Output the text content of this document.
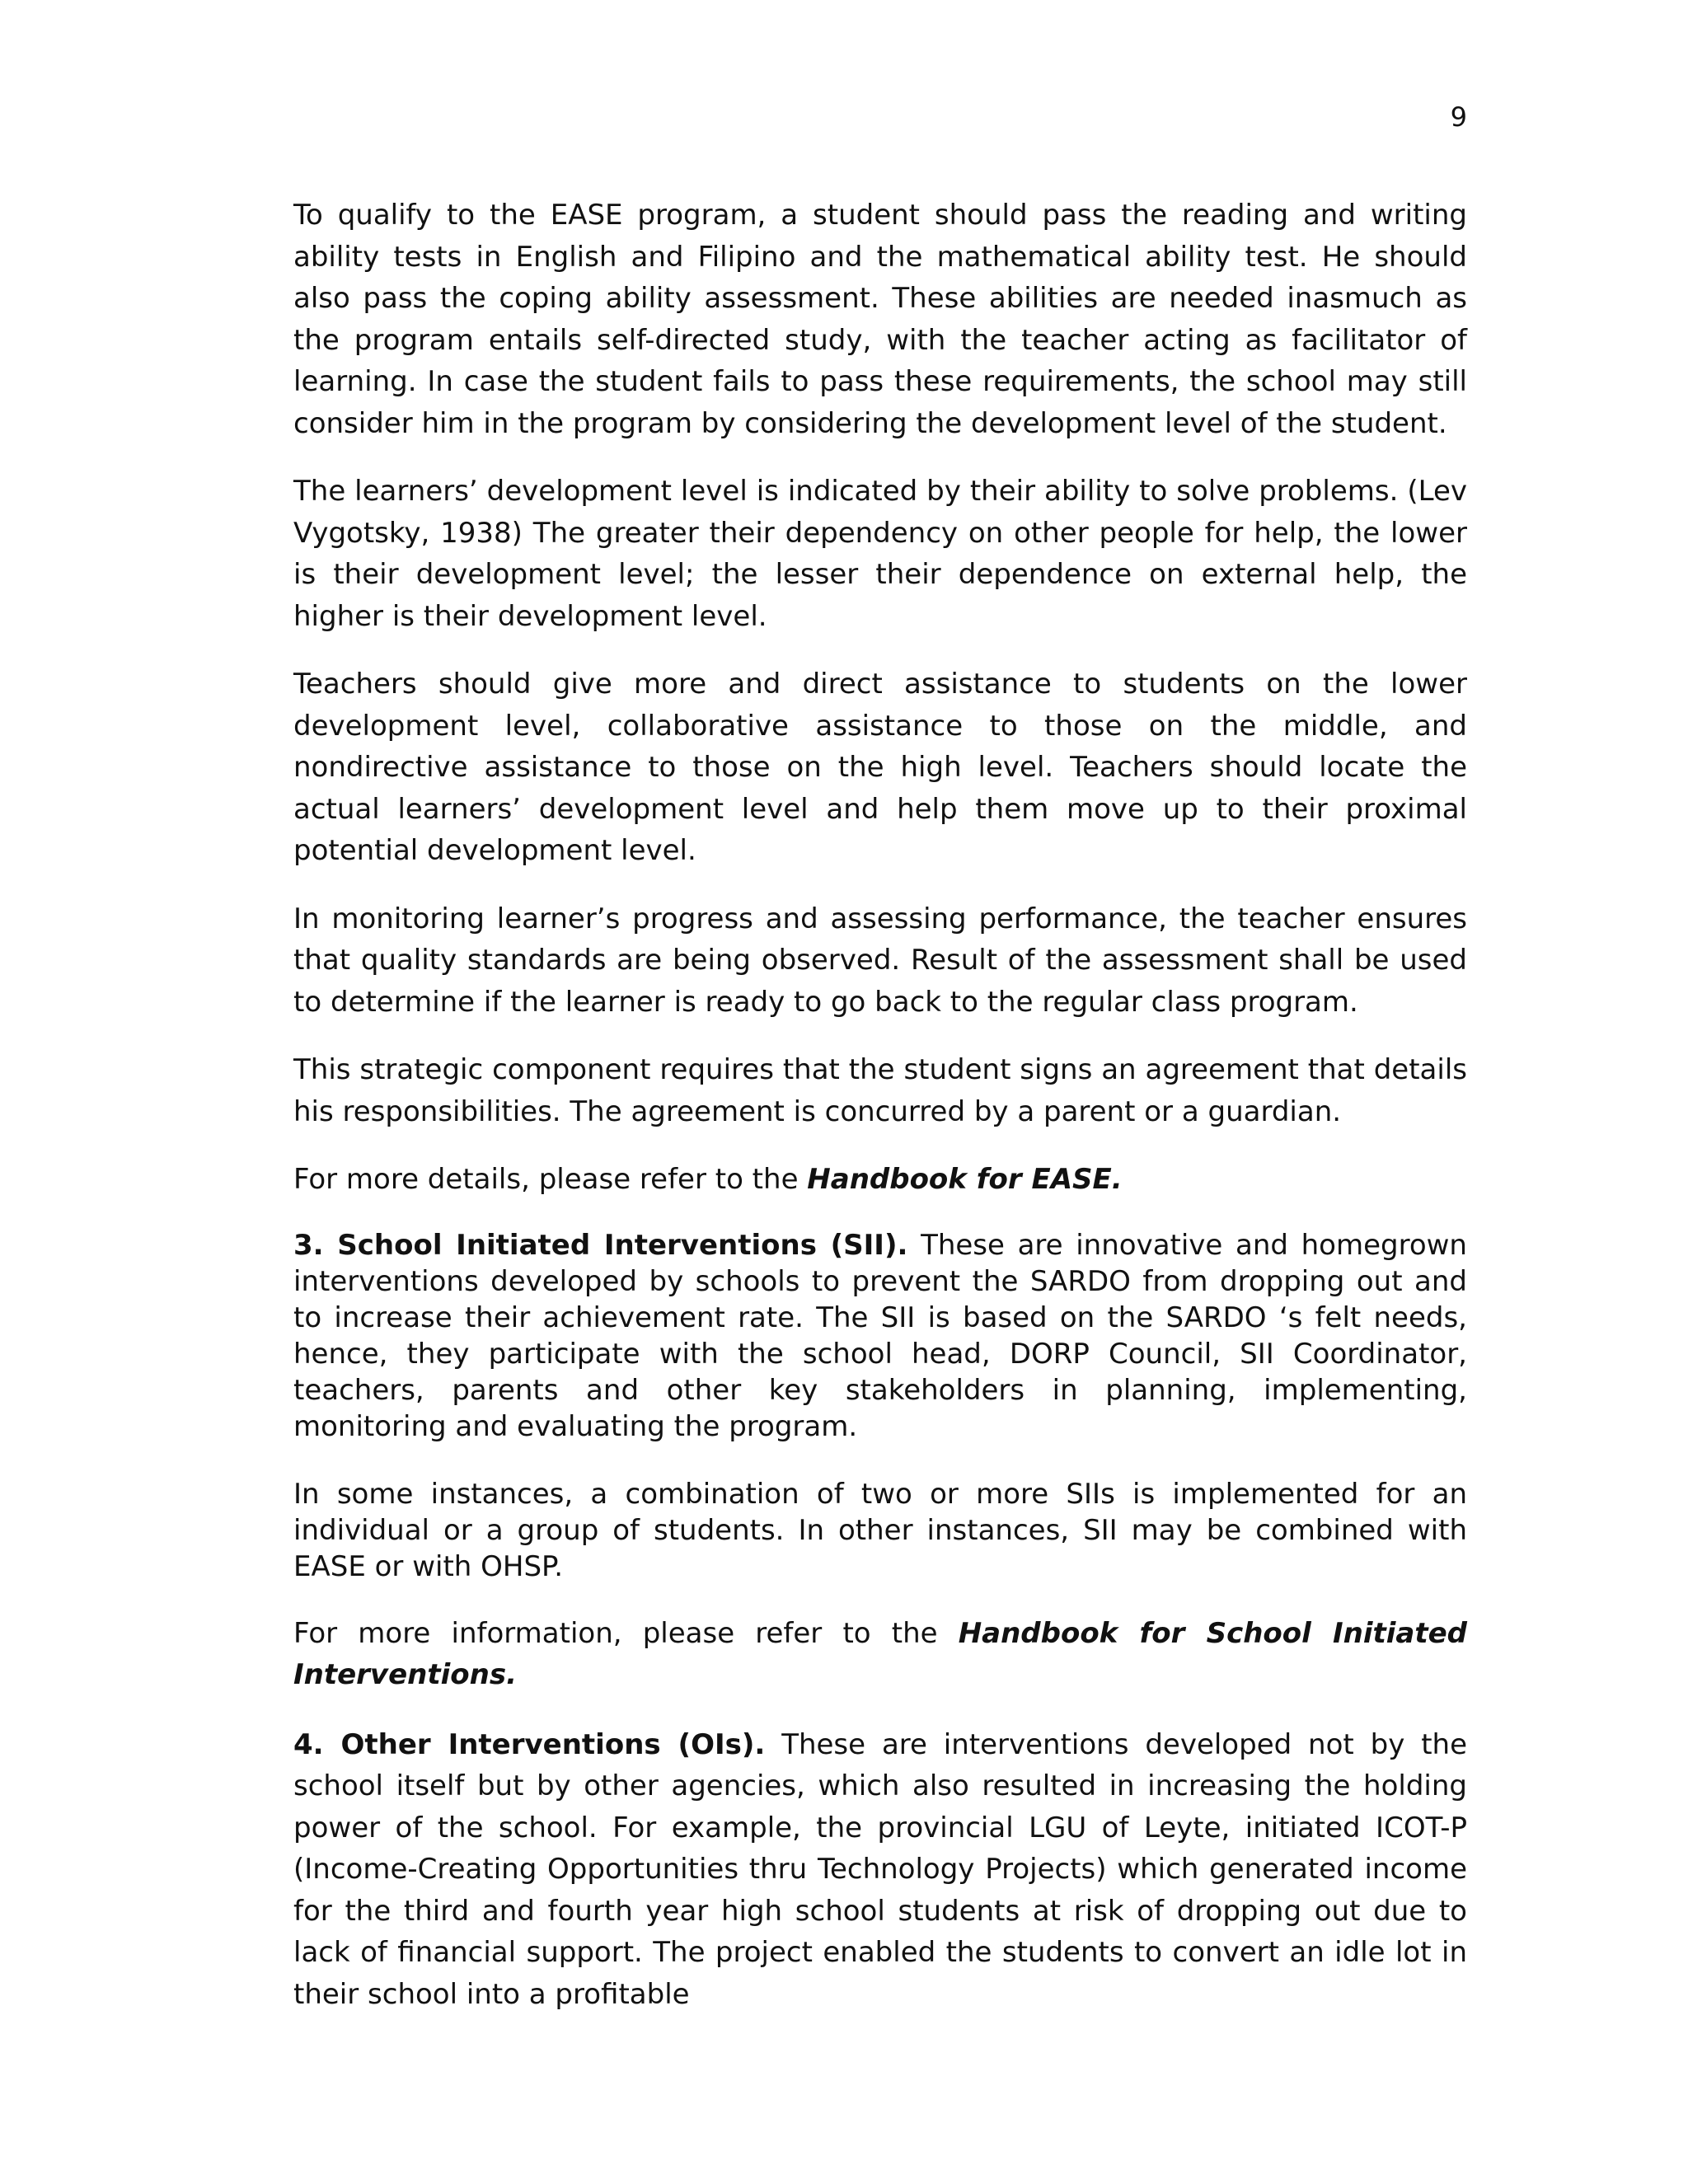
9

To qualify to the EASE program, a student should pass the reading and writing ability tests in English and Filipino and the mathematical ability test. He should also pass the coping ability assessment. These abilities are needed inasmuch as the program entails self-directed study, with the teacher acting as facilitator of learning. In case the student fails to pass these requirements, the school may still consider him in the program by considering the development level of the student.

The learners’ development level is indicated by their ability to solve problems. (Lev Vygotsky, 1938) The greater their dependency on other people for help, the lower is their development level; the lesser their dependence on external help, the higher is their development level.

Teachers should give more and direct assistance to students on the lower development level, collaborative assistance to those on the middle, and nondirective assistance to those on the high level. Teachers should locate the actual learners’ development level and help them move up to their proximal potential development level.

In monitoring learner’s progress and assessing performance, the teacher ensures that quality standards are being observed. Result of the assessment shall be used to determine if the learner is ready to go back to the regular class program.

This strategic component requires that the student signs an agreement that details his responsibilities. The agreement is concurred by a parent or a guardian.

For more details, please refer to the Handbook for EASE.

3. School Initiated Interventions (SII). These are innovative and homegrown interventions developed by schools to prevent the SARDO from dropping out and to increase their achievement rate. The SII is based on the SARDO ‘s felt needs, hence, they participate with the school head, DORP Council, SII Coordinator, teachers, parents and other key stakeholders in planning, implementing, monitoring and evaluating the program.

In some instances, a combination of two or more SIIs is implemented for an individual or a group of students. In other instances, SII may be combined with EASE or with OHSP.

For more information, please refer to the Handbook for School Initiated Interventions.

4. Other Interventions (OIs). These are interventions developed not by the school itself but by other agencies, which also resulted in increasing the holding power of the school. For example, the provincial LGU of Leyte, initiated ICOT-P (Income-Creating Opportunities thru Technology Projects) which generated income for the third and fourth year high school students at risk of dropping out due to lack of financial support. The project enabled the students to convert an idle lot in their school into a profitable
